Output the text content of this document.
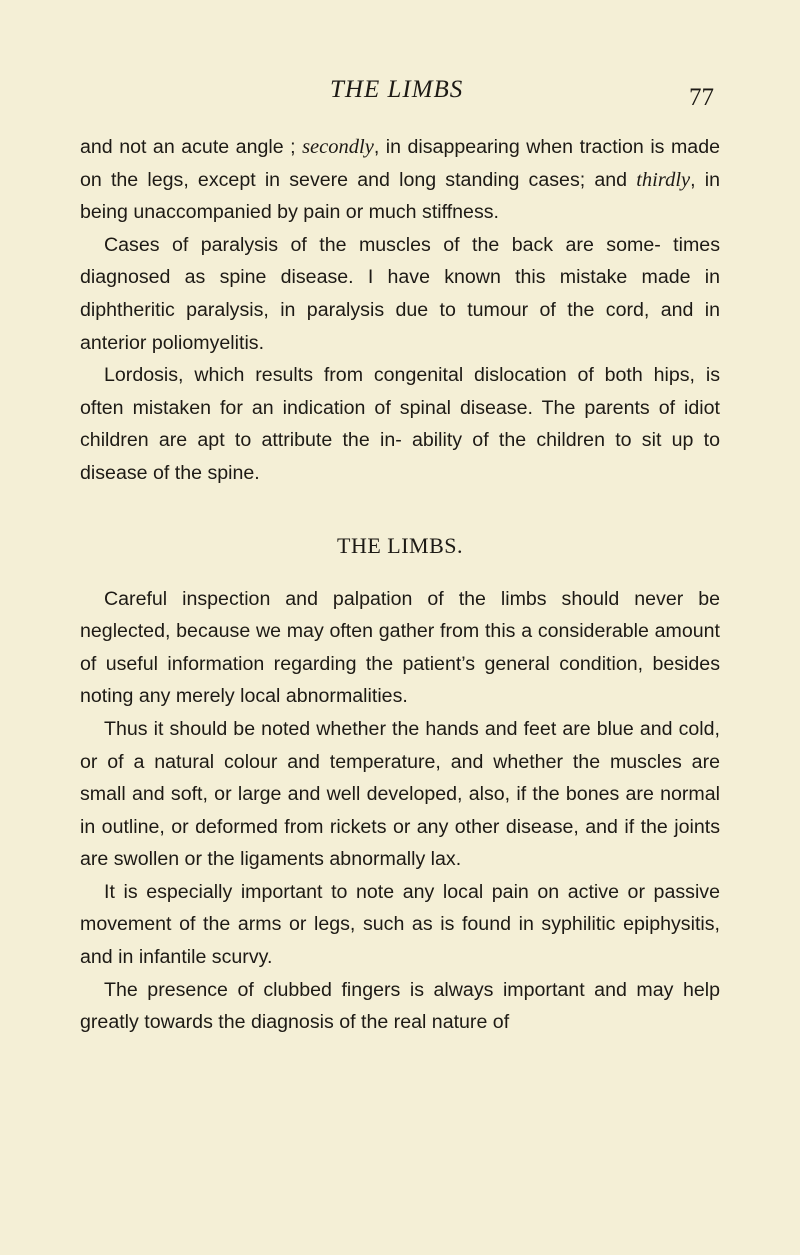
THE LIMBS	77

and not an acute angle ; secondly, in disappearing when traction is made on the legs, except in severe and long standing cases; and thirdly, in being unaccompanied by pain or much stiffness.

Cases of paralysis of the muscles of the back are some- times diagnosed as spine disease. I have known this mistake made in diphtheritic paralysis, in paralysis due to tumour of the cord, and in anterior poliomyelitis.

Lordosis, which results from congenital dislocation of both hips, is often mistaken for an indication of spinal disease. The parents of idiot children are apt to attribute the in- ability of the children to sit up to disease of the spine.

THE LIMBS.

Careful inspection and palpation of the limbs should never be neglected, because we may often gather from this a considerable amount of useful information regarding the patient’s general condition, besides noting any merely local abnormalities.

Thus it should be noted whether the hands and feet are blue and cold, or of a natural colour and temperature, and whether the muscles are small and soft, or large and well developed, also, if the bones are normal in outline, or deformed from rickets or any other disease, and if the joints are swollen or the ligaments abnormally lax.

It is especially important to note any local pain on active or passive movement of the arms or legs, such as is found in syphilitic epiphysitis, and in infantile scurvy.

The presence of clubbed fingers is always important and may help greatly towards the diagnosis of the real nature of
